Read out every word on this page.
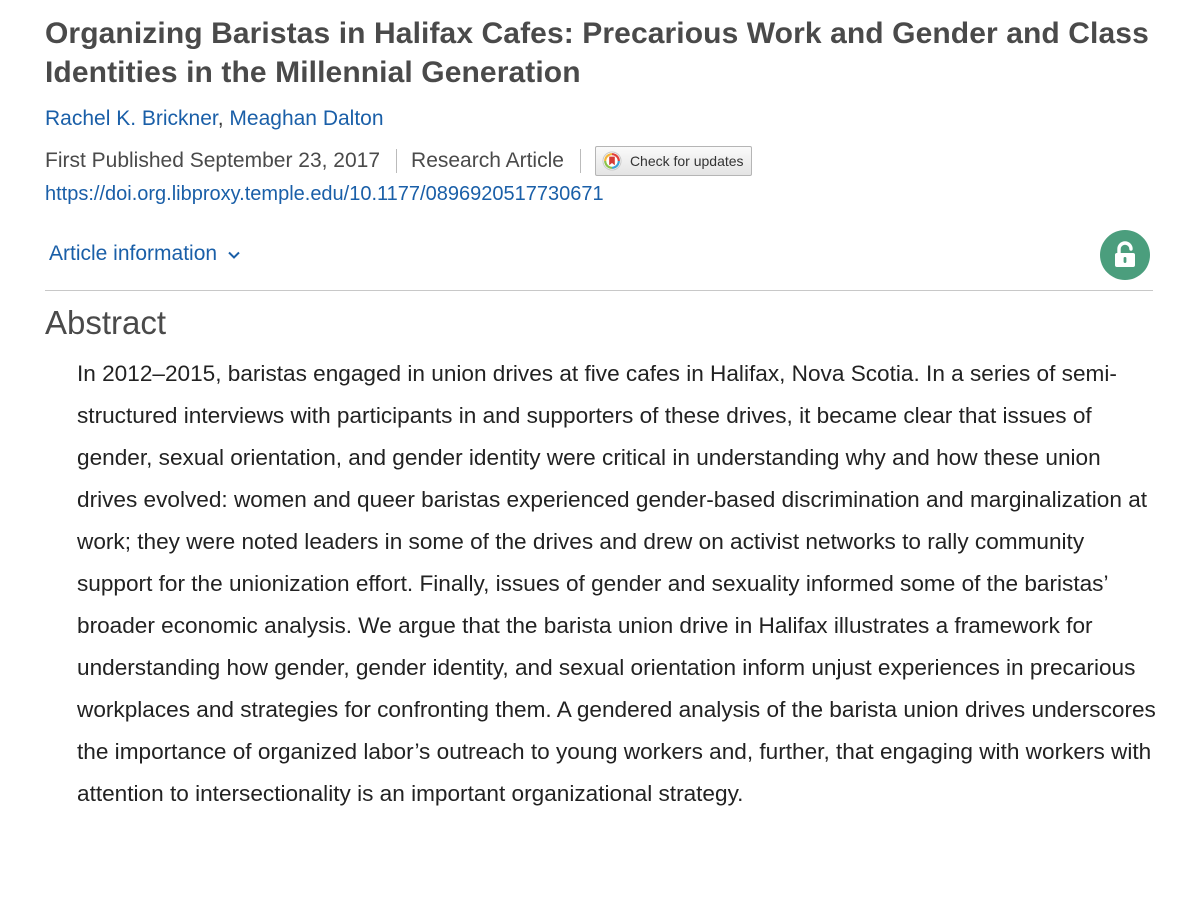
Organizing Baristas in Halifax Cafes: Precarious Work and Gender and Class Identities in the Millennial Generation
Rachel K. Brickner, Meaghan Dalton
First Published September 23, 2017 Research Article	Check for updates
https://doi.org.libproxy.temple.edu/10.1177/0896920517730671
Article information
Abstract

In 2012–2015, baristas engaged in union drives at five cafes in Halifax, Nova Scotia. In a series of semi-structured interviews with participants in and supporters of these drives, it became clear that issues of gender, sexual orientation, and gender identity were critical in understanding why and how these union drives evolved: women and queer baristas experienced gender-based discrimination and marginalization at work; they were noted leaders in some of the drives and drew on activist networks to rally community support for the unionization effort. Finally, issues of gender and sexuality informed some of the baristas’ broader economic analysis. We argue that the barista union drive in Halifax illustrates a framework for understanding how gender, gender identity, and sexual orientation inform unjust experiences in precarious workplaces and strategies for confronting them. A gendered analysis of the barista union drives underscores the importance of organized labor’s outreach to young workers and, further, that engaging with workers with attention to intersectionality is an important organizational strategy.
